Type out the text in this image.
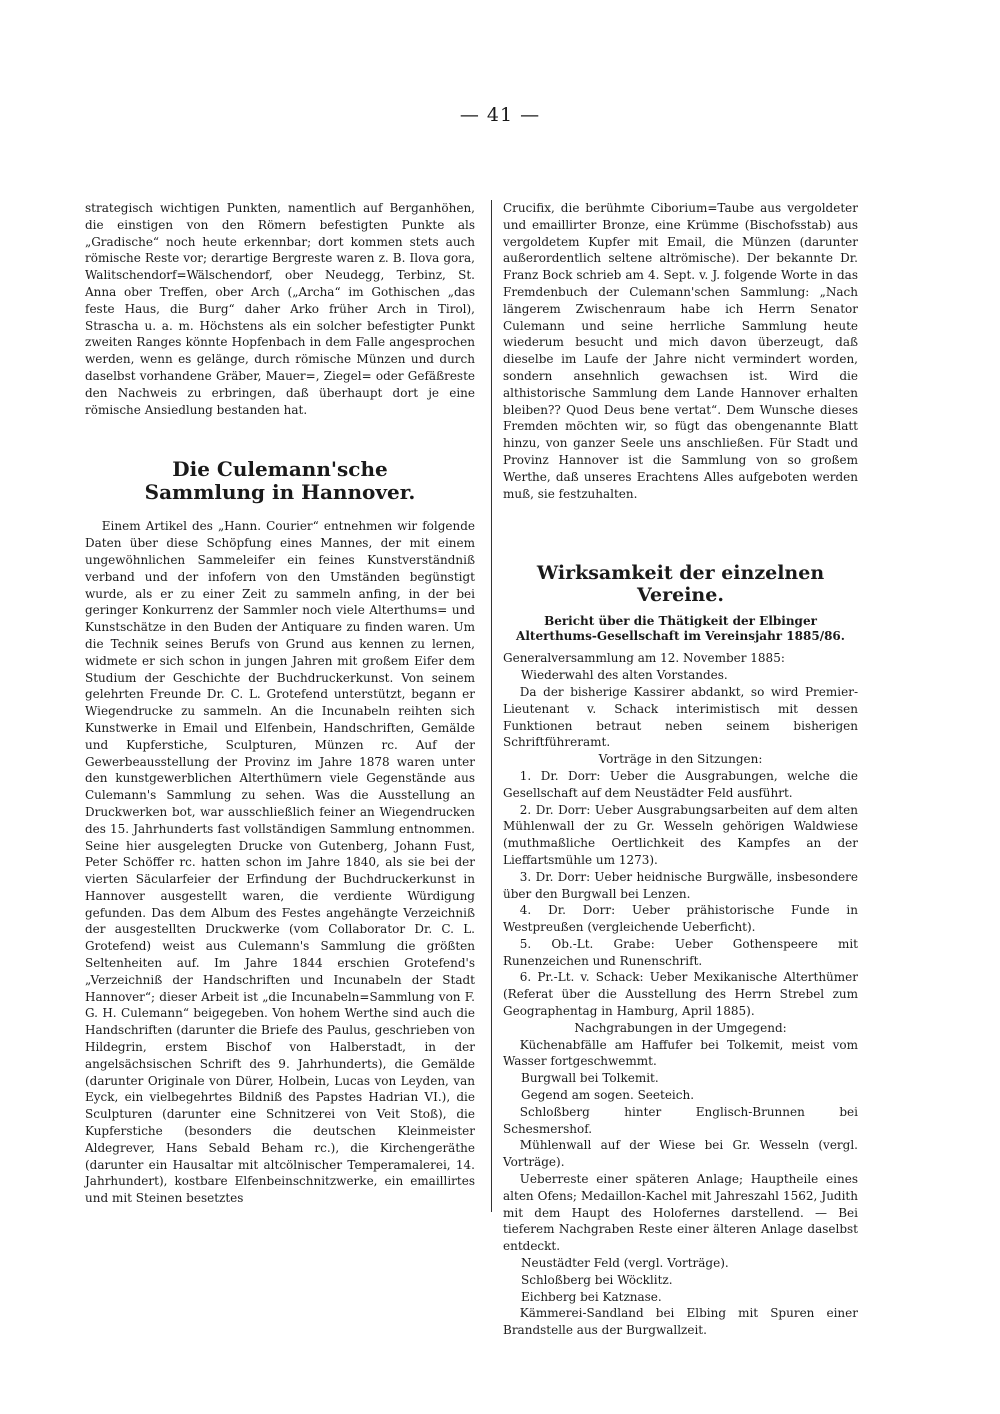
— 41 —

strategisch wichtigen Punkten, namentlich auf Berganhöhen, die einstigen von den Römern befestigten Punkte als „Gradische“ noch heute erkennbar; dort kommen stets auch römische Reste vor; derartige Bergreste waren z. B. Ilova gora, Walitschendorf=Wälschendorf, ober Neudegg, Terbinz, St. Anna ober Treffen, ober Arch („Archa“ im Gothischen „das feste Haus, die Burg“ daher Arko früher Arch in Tirol), Strascha u. a. m. Höchstens als ein solcher befestigter Punkt zweiten Ranges könnte Hopfenbach in dem Falle angesprochen werden, wenn es gelänge, durch römische Münzen und durch daselbst vorhandene Gräber, Mauer=, Ziegel= oder Gefäßreste den Nachweis zu erbringen, daß überhaupt dort je eine römische Ansiedlung bestanden hat.

Die Culemann'sche Sammlung in Hannover.

Einem Artikel des „Hann. Courier“ entnehmen wir folgende Daten über diese Schöpfung eines Mannes, der mit einem ungewöhnlichen Sammeleifer ein feines Kunstverständniß verband und der infofern von den Umständen begünstigt wurde, als er zu einer Zeit zu sammeln anfing, in der bei geringer Konkurrenz der Sammler noch viele Alterthums= und Kunstschätze in den Buden der Antiquare zu finden waren. Um die Technik seines Berufs von Grund aus kennen zu lernen, widmete er sich schon in jungen Jahren mit großem Eifer dem Studium der Geschichte der Buchdruckerkunst. Von seinem gelehrten Freunde Dr. C. L. Grotefend unterstützt, begann er Wiegendrucke zu sammeln. An die Incunabeln reihten sich Kunstwerke in Email und Elfenbein, Handschriften, Gemälde und Kupferstiche, Sculpturen, Münzen rc. Auf der Gewerbeausstellung der Provinz im Jahre 1878 waren unter den kunstgewerblichen Alterthümern viele Gegenstände aus Culemann's Sammlung zu sehen. Was die Ausstellung an Druckwerken bot, war ausschließlich feiner an Wiegendrucken des 15. Jahrhunderts fast vollständigen Sammlung entnommen. Seine hier ausgelegten Drucke von Gutenberg, Johann Fust, Peter Schöffer rc. hatten schon im Jahre 1840, als sie bei der vierten Säcularfeier der Erfindung der Buchdruckerkunst in Hannover ausgestellt waren, die verdiente Würdigung gefunden. Das dem Album des Festes angehängte Verzeichniß der ausgestellten Druckwerke (vom Collaborator Dr. C. L. Grotefend) weist aus Culemann's Sammlung die größten Seltenheiten auf. Im Jahre 1844 erschien Grotefend's „Verzeichniß der Handschriften und Incunabeln der Stadt Hannover“; dieser Arbeit ist „die Incunabeln=Sammlung von F. G. H. Culemann“ beigegeben. Von hohem Werthe sind auch die Handschriften (darunter die Briefe des Paulus, geschrieben von Hildegrin, erstem Bischof von Halberstadt, in der angelsächsischen Schrift des 9. Jahrhunderts), die Gemälde (darunter Originale von Dürer, Holbein, Lucas von Leyden, van Eyck, ein vielbegehrtes Bildniß des Papstes Hadrian VI.), die Sculpturen (darunter eine Schnitzerei von Veit Stoß), die Kupferstiche (besonders die deutschen Kleinmeister Aldegrever, Hans Sebald Beham rc.), die Kirchengeräthe (darunter ein Hausaltar mit altcölnischer Temperamalerei, 14. Jahrhundert), kostbare Elfenbeinschnitzwerke, ein emaillirtes und mit Steinen besetztes

Crucifix, die berühmte Ciborium=Taube aus vergoldeter und emaillirter Bronze, eine Krümme (Bischofsstab) aus vergoldetem Kupfer mit Email, die Münzen (darunter außerordentlich seltene altrömische). Der bekannte Dr. Franz Bock schrieb am 4. Sept. v. J. folgende Worte in das Fremdenbuch der Culemann'schen Sammlung: „Nach längerem Zwischenraum habe ich Herrn Senator Culemann und seine herrliche Sammlung heute wiederum besucht und mich davon überzeugt, daß dieselbe im Laufe der Jahre nicht vermindert worden, sondern ansehnlich gewachsen ist. Wird die althistorische Sammlung dem Lande Hannover erhalten bleiben?? Quod Deus bene vertat“. Dem Wunsche dieses Fremden möchten wir, so fügt das obengenannte Blatt hinzu, von ganzer Seele uns anschließen. Für Stadt und Provinz Hannover ist die Sammlung von so großem Werthe, daß unseres Erachtens Alles aufgeboten werden muß, sie festzuhalten.

Wirksamkeit der einzelnen Vereine.
Bericht über die Thätigkeit der Elbinger Alterthums-Gesellschaft im Vereinsjahr 1885/86.

Generalversammlung am 12. November 1885:

Wiederwahl des alten Vorstandes.

Da der bisherige Kassirer abdankt, so wird Premier-Lieutenant v. Schack interimistisch mit dessen Funktionen betraut neben seinem bisherigen Schriftführeramt.

Vorträge in den Sitzungen:

1. Dr. Dorr: Ueber die Ausgrabungen, welche die Gesellschaft auf dem Neustädter Feld ausführt.

2. Dr. Dorr: Ueber Ausgrabungsarbeiten auf dem alten Mühlenwall der zu Gr. Wesseln gehörigen Waldwiese (muthmaßliche Oertlichkeit des Kampfes an der Lieffartsmühle um 1273).

3. Dr. Dorr: Ueber heidnische Burgwälle, insbesondere über den Burgwall bei Lenzen.

4. Dr. Dorr: Ueber prähistorische Funde in Westpreußen (vergleichende Ueberficht).

5. Ob.-Lt. Grabe: Ueber Gothenspeere mit Runenzeichen und Runenschrift.

6. Pr.-Lt. v. Schack: Ueber Mexikanische Alterthümer (Referat über die Ausstellung des Herrn Strebel zum Geographentag in Hamburg, April 1885).

Nachgrabungen in der Umgegend:

Küchenabfälle am Haffufer bei Tolkemit, meist vom Wasser fortgeschwemmt.

Burgwall bei Tolkemit.

Gegend am sogen. Seeteich.

Schloßberg hinter Englisch-Brunnen bei Schesmershof.

Mühlenwall auf der Wiese bei Gr. Wesseln (vergl. Vorträge).

Ueberreste einer späteren Anlage; Hauptheile eines alten Ofens; Medaillon-Kachel mit Jahreszahl 1562, Judith mit dem Haupt des Holofernes darstellend. — Bei tieferem Nachgraben Reste einer älteren Anlage daselbst entdeckt.

Neustädter Feld (vergl. Vorträge).

Schloßberg bei Wöcklitz.

Eichberg bei Katznase.

Kämmerei-Sandland bei Elbing mit Spuren einer Brandstelle aus der Burgwallzeit.
